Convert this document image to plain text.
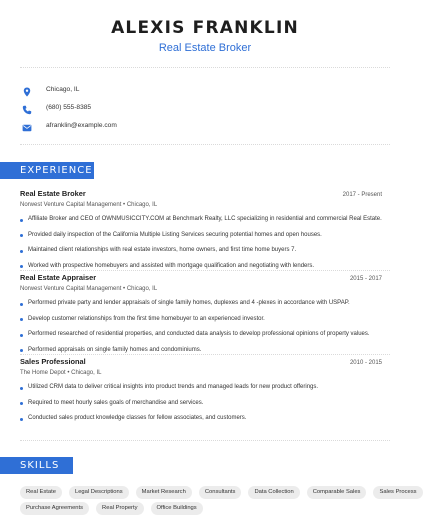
ALEXIS FRANKLIN
Real Estate Broker
Chicago, IL
(680) 555-8385
afranklin@example.com
EXPERIENCE
Real Estate Broker	2017 - Present
Norwest Venture Capital Management • Chicago, IL
Affiliate Broker and CEO of OWNMUSICCITY.COM at Benchmark Realty, LLC specializing in residential and commercial Real Estate.
Provided daily inspection of the California Multiple Listing Services securing potential homes and open houses.
Maintained client relationships with real estate investors, home owners, and first time home buyers 7.
Worked with prospective homebuyers and assisted with mortgage qualification and negotiating with lenders.
Real Estate Appraiser	2015 - 2017
Norwest Venture Capital Management • Chicago, IL
Performed private party and lender appraisals of single family homes, duplexes and 4 -plexes in accordance with USPAP.
Develop customer relationships from the first time homebuyer to an experienced investor.
Performed researched of residential properties, and conducted data analysis to develop professional opinions of property values.
Performed appraisals on single family homes and condominiums.
Sales Professional	2010 - 2015
The Home Depot • Chicago, IL
Utilized CRM data to deliver critical insights into product trends and managed leads for new product offerings.
Required to meet hourly sales goals of merchandise and services.
Conducted sales product knowledge classes for fellow associates, and customers.
SKILLS
Real Estate	Legal Descriptions	Market Research	Consultants	Data Collection	Comparable Sales	Sales Process
Purchase Agreements	Real Property	Office Buildings
